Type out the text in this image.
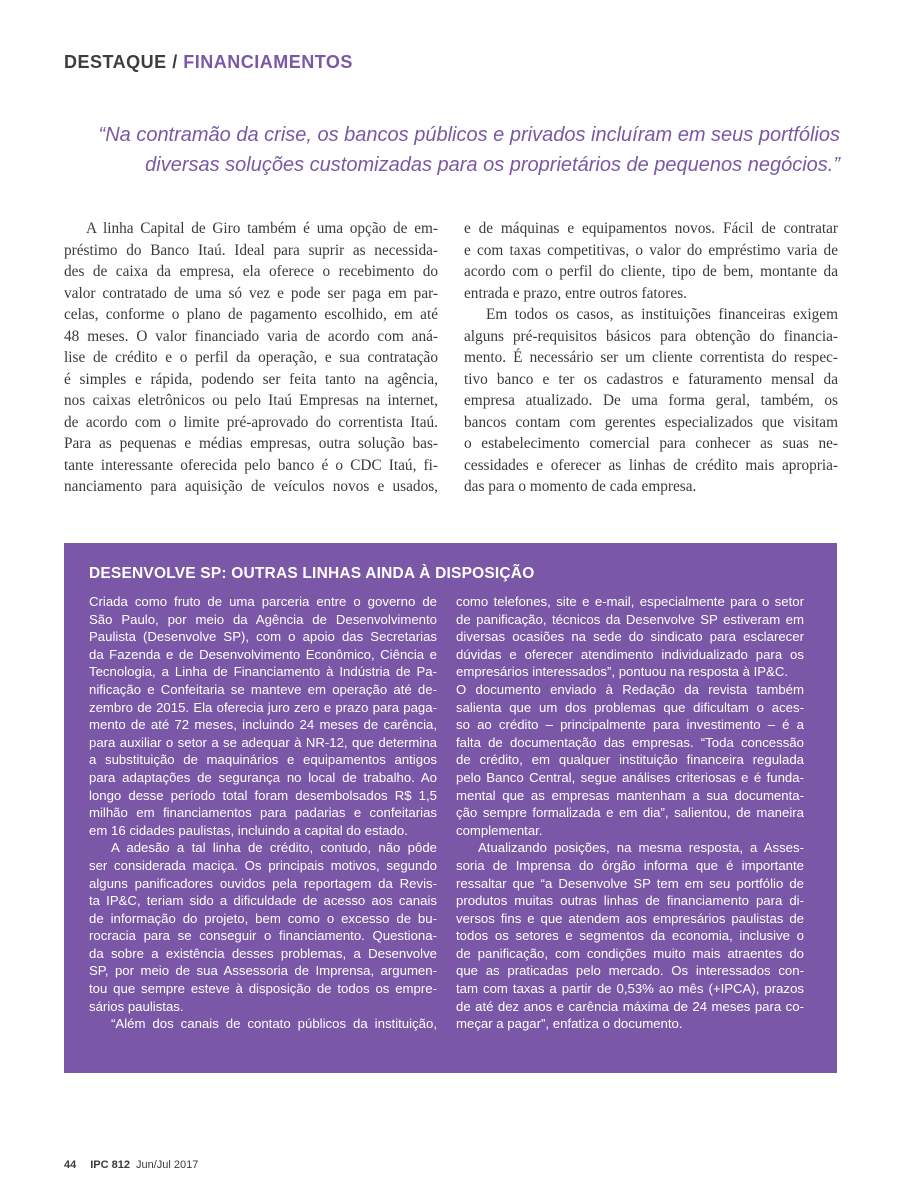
DESTAQUE / FINANCIAMENTOS
“Na contramão da crise, os bancos públicos e privados incluíram em seus portfólios
diversas soluções customizadas para os proprietários de pequenos negócios.”
A linha Capital de Giro também é uma opção de em-
préstimo do Banco Itaú. Ideal para suprir as necessida-
des de caixa da empresa, ela oferece o recebimento do
valor contratado de uma só vez e pode ser paga em par-
celas, conforme o plano de pagamento escolhido, em até
48 meses. O valor financiado varia de acordo com aná-
lise de crédito e o perfil da operação, e sua contratação
é simples e rápida, podendo ser feita tanto na agência,
nos caixas eletrônicos ou pelo Itaú Empresas na internet,
de acordo com o limite pré-aprovado do correntista Itaú.
Para as pequenas e médias empresas, outra solução bas-
tante interessante oferecida pelo banco é o CDC Itaú, fi-
nanciamento para aquisição de veículos novos e usados,
e de máquinas e equipamentos novos. Fácil de contratar
e com taxas competitivas, o valor do empréstimo varia de
acordo com o perfil do cliente, tipo de bem, montante da
entrada e prazo, entre outros fatores.
Em todos os casos, as instituições financeiras exigem
alguns pré-requisitos básicos para obtenção do financia-
mento. É necessário ser um cliente correntista do respec-
tivo banco e ter os cadastros e faturamento mensal da
empresa atualizado. De uma forma geral, também, os
bancos contam com gerentes especializados que visitam
o estabelecimento comercial para conhecer as suas ne-
cessidades e oferecer as linhas de crédito mais apropria-
das para o momento de cada empresa.
DESENVOLVE SP: OUTRAS LINHAS AINDA À DISPOSIÇÃO
Criada como fruto de uma parceria entre o governo de
São Paulo, por meio da Agência de Desenvolvimento
Paulista (Desenvolve SP), com o apoio das Secretarias
da Fazenda e de Desenvolvimento Econômico, Ciência e
Tecnologia, a Linha de Financiamento à Indústria de Pa-
nificação e Confeitaria se manteve em operação até de-
zembro de 2015. Ela oferecia juro zero e prazo para paga-
mento de até 72 meses, incluindo 24 meses de carência,
para auxiliar o setor a se adequar à NR-12, que determina
a substituição de maquinários e equipamentos antigos
para adaptações de segurança no local de trabalho. Ao
longo desse período total foram desembolsados R$ 1,5
milhão em financiamentos para padarias e confeitarias
em 16 cidades paulistas, incluindo a capital do estado.
A adesão a tal linha de crédito, contudo, não pôde
ser considerada maciça. Os principais motivos, segundo
alguns panificadores ouvidos pela reportagem da Revis-
ta IP&C, teriam sido a dificuldade de acesso aos canais
de informação do projeto, bem como o excesso de bu-
rocracia para se conseguir o financiamento. Questiona-
da sobre a existência desses problemas, a Desenvolve
SP, por meio de sua Assessoria de Imprensa, argumen-
tou que sempre esteve à disposição de todos os empre-
sários paulistas.
“Além dos canais de contato públicos da instituição,
como telefones, site e e-mail, especialmente para o setor
de panificação, técnicos da Desenvolve SP estiveram em
diversas ocasiões na sede do sindicato para esclarecer
dúvidas e oferecer atendimento individualizado para os
empresários interessados”, pontuou na resposta à IP&C.
O documento enviado à Redação da revista também
salienta que um dos problemas que dificultam o aces-
so ao crédito – principalmente para investimento – é a
falta de documentação das empresas. “Toda concessão
de crédito, em qualquer instituição financeira regulada
pelo Banco Central, segue análises criteriosas e é funda-
mental que as empresas mantenham a sua documenta-
ção sempre formalizada e em dia”, salientou, de maneira
complementar.
Atualizando posições, na mesma resposta, a Asses-
soria de Imprensa do órgão informa que é importante
ressaltar que “a Desenvolve SP tem em seu portfólio de
produtos muitas outras linhas de financiamento para di-
versos fins e que atendem aos empresários paulistas de
todos os setores e segmentos da economia, inclusive o
de panificação, com condições muito mais atraentes do
que as praticadas pelo mercado. Os interessados con-
tam com taxas a partir de 0,53% ao mês (+IPCA), prazos
de até dez anos e carência máxima de 24 meses para co-
meçar a pagar”, enfatiza o documento.
44 IPC 812 Jun/Jul 2017
